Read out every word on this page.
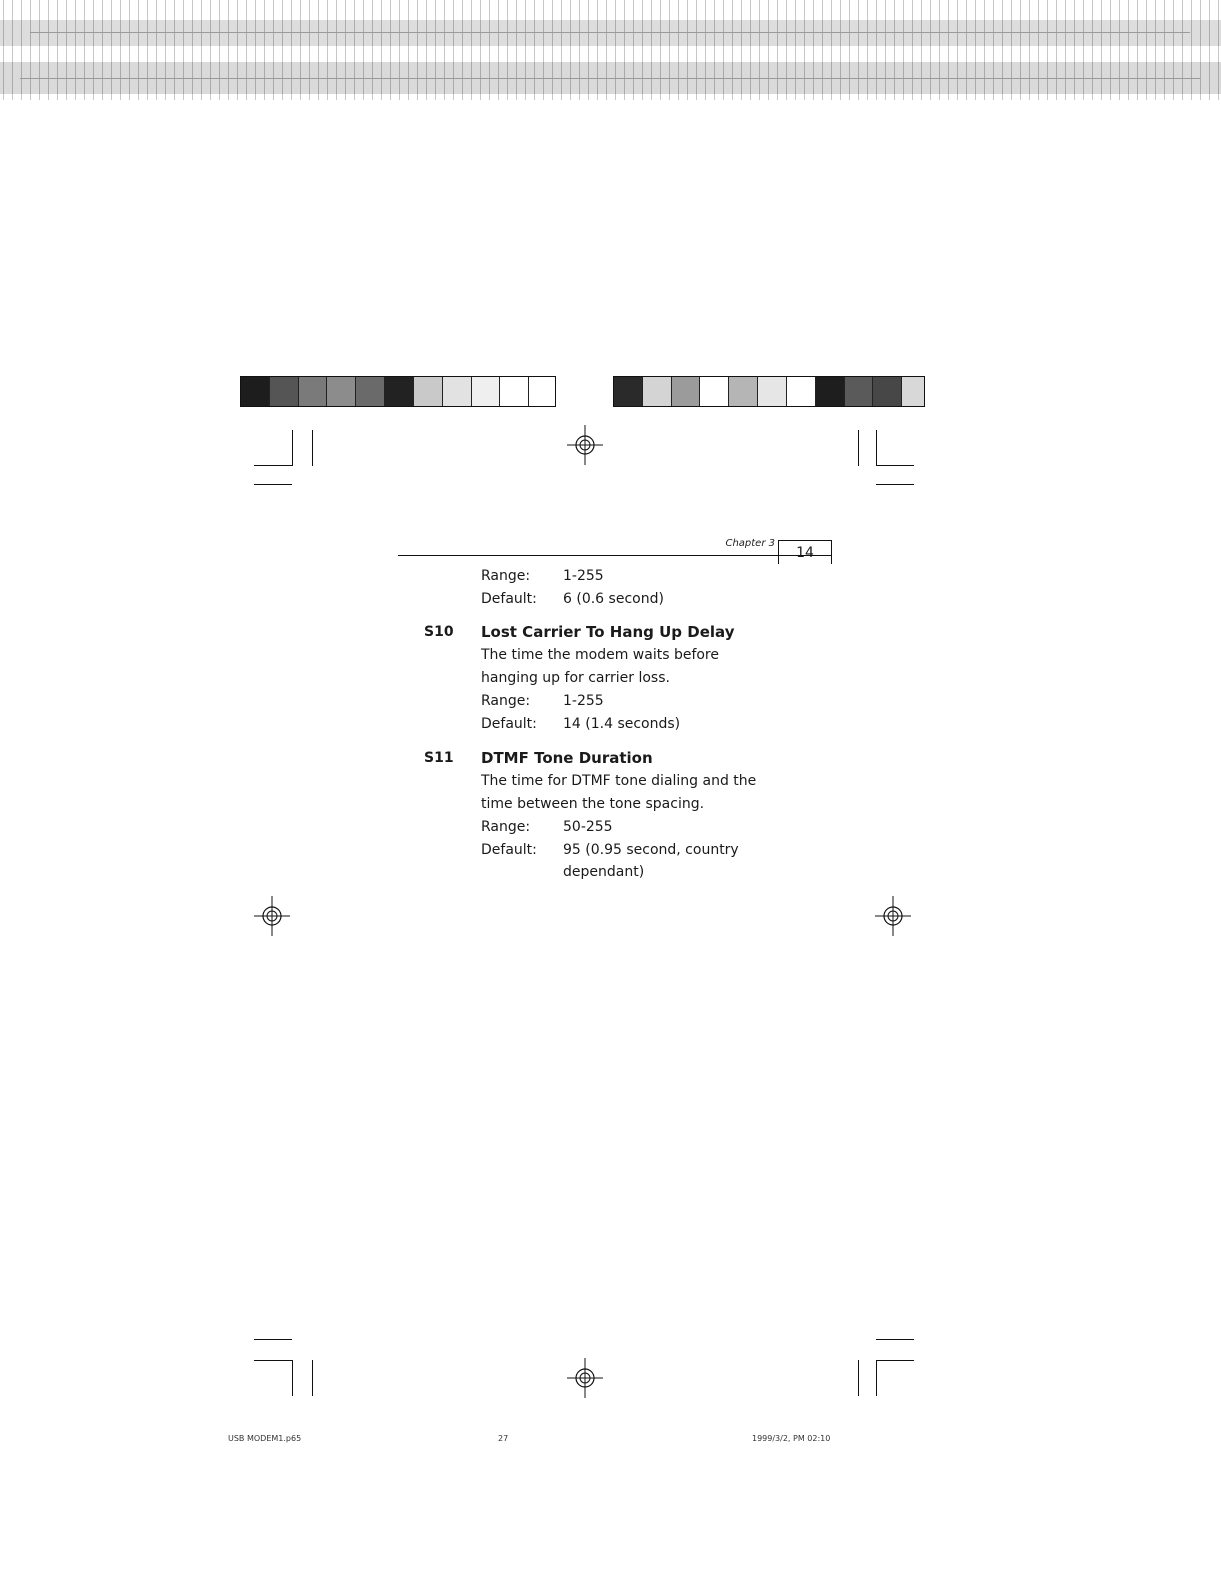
Chapter 3
14
Range: 1-255
Default: 6 (0.6 second)
S10 Lost Carrier To Hang Up Delay
The time the modem waits before
hanging up for carrier loss.
Range: 1-255
Default: 14 (1.4 seconds)
S11 DTMF Tone Duration
The time for DTMF tone dialing and the
time between the tone spacing.
Range: 50-255
Default: 95 (0.95 second, country
dependant)
USB MODEM1.p65	27	1999/3/2, PM 02:10
